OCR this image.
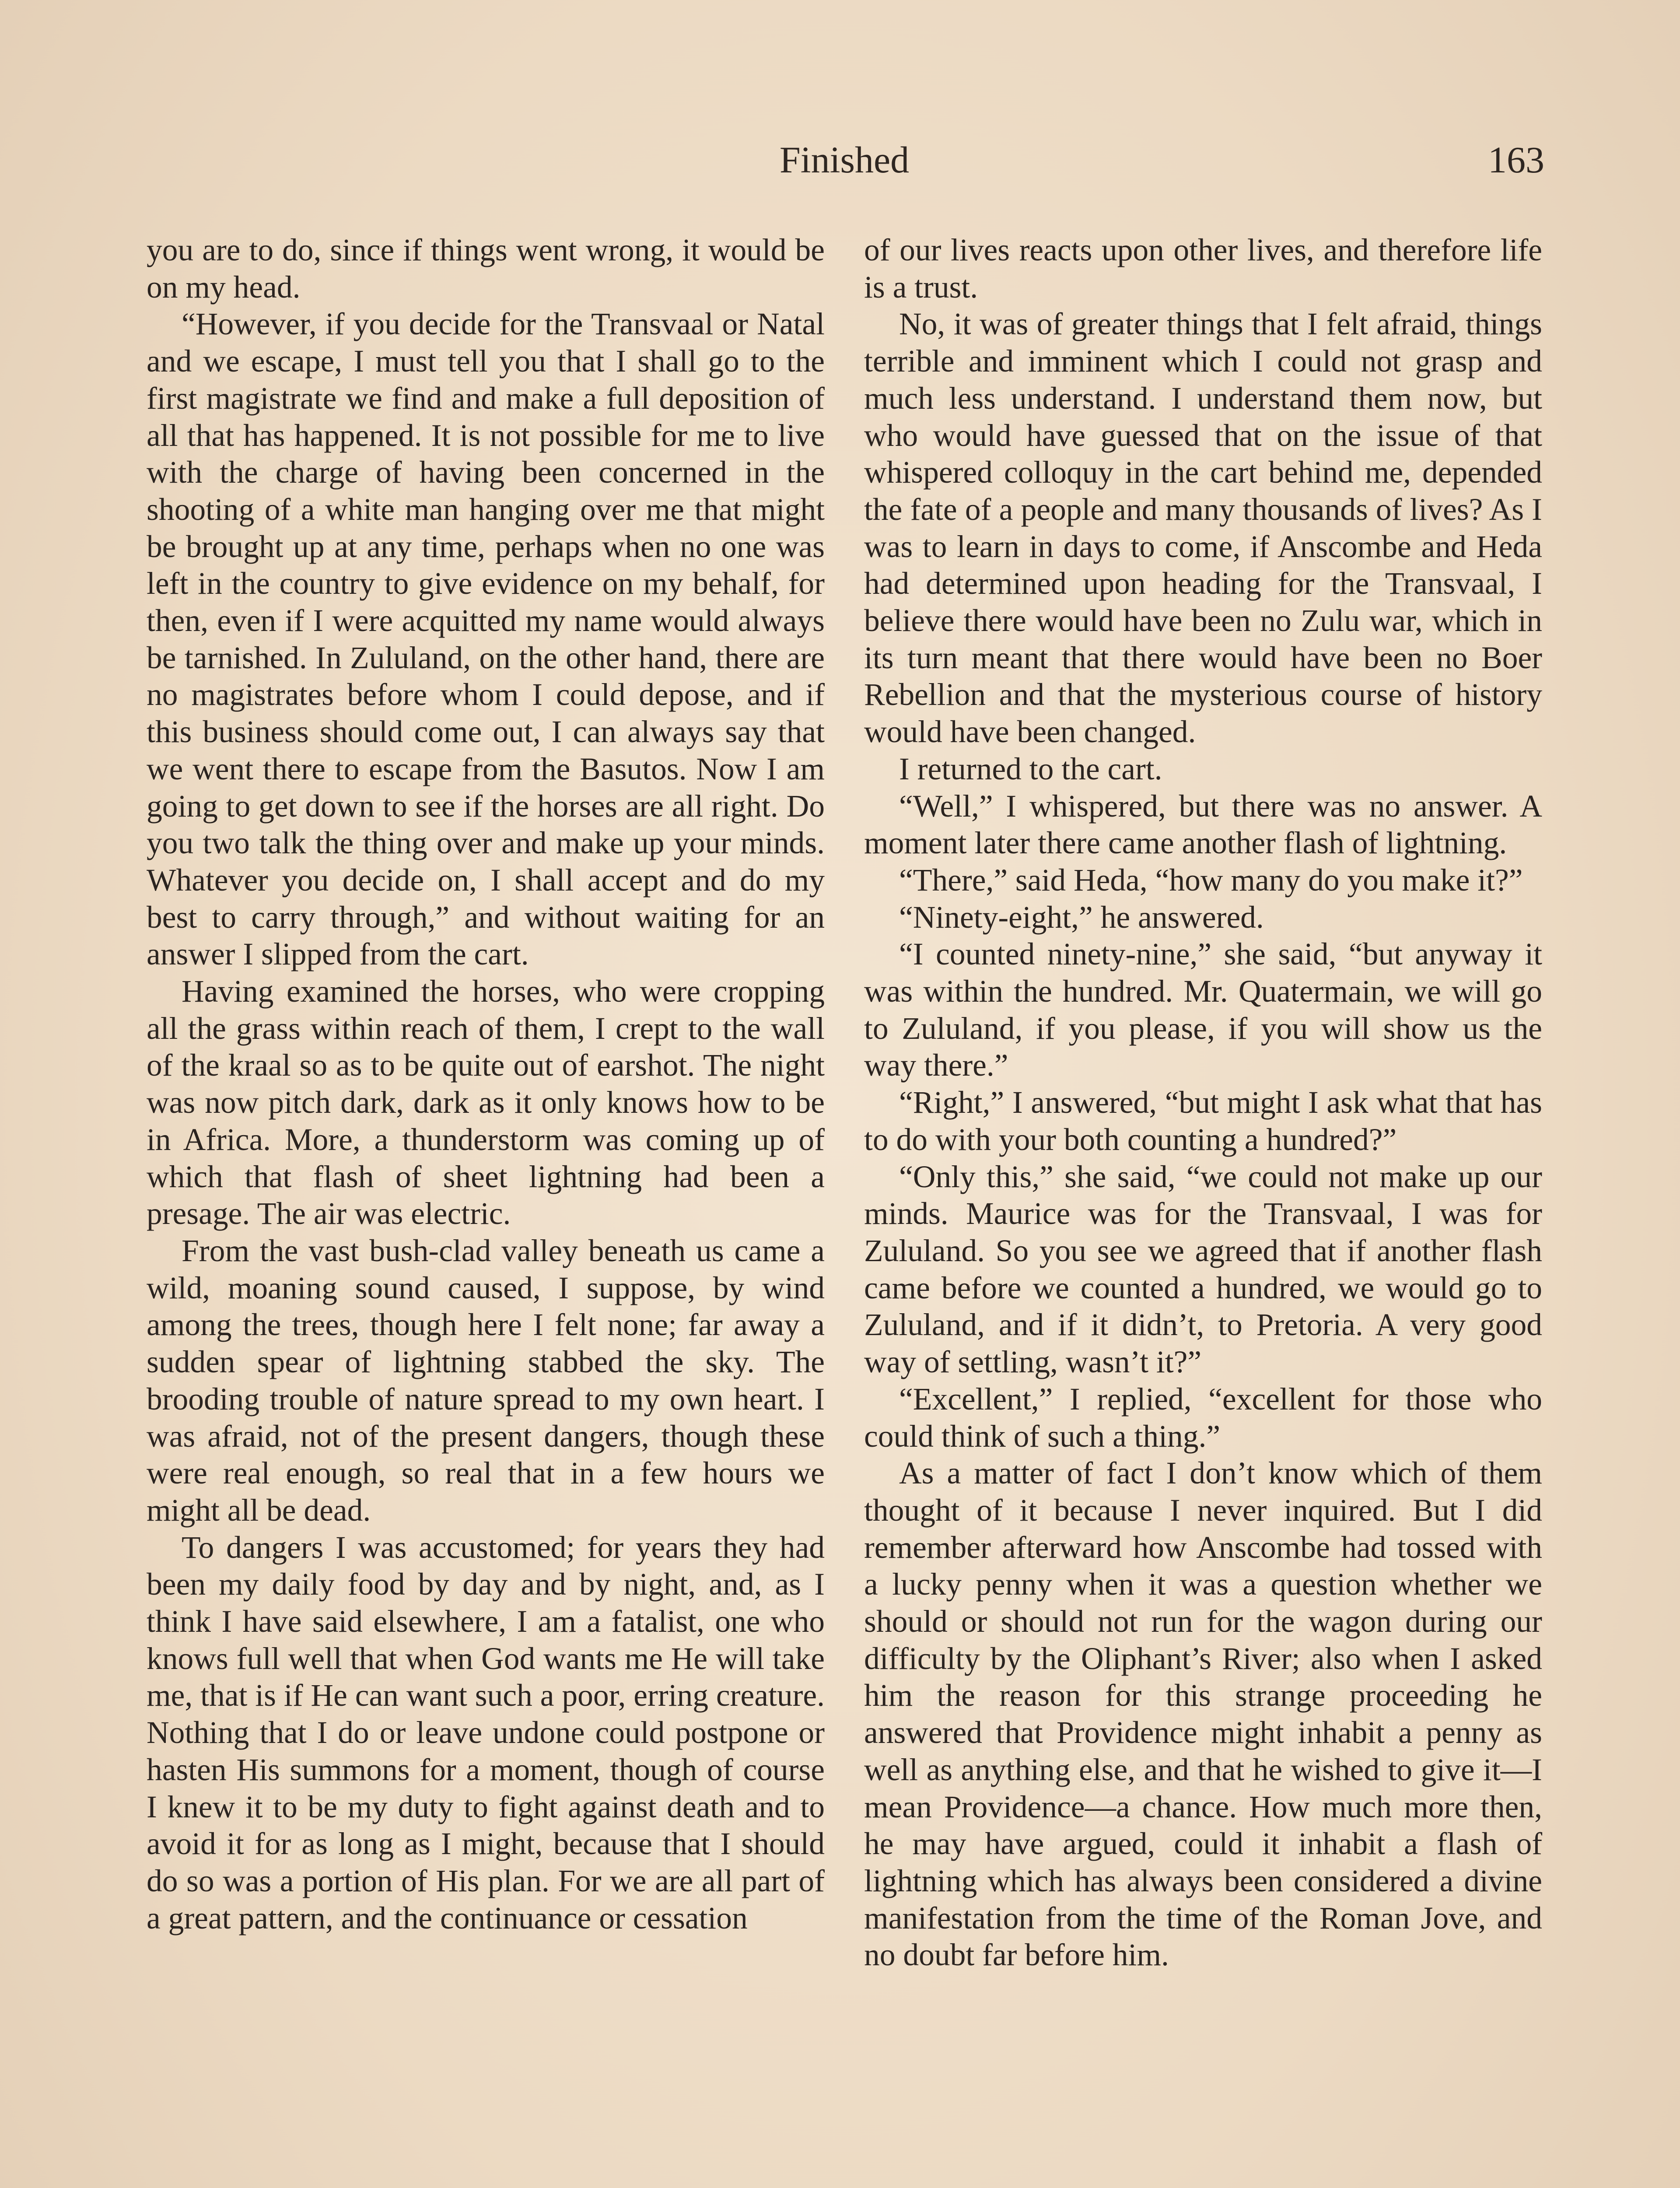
Finished	163

you are to do, since if things went wrong, it would be on my head.

“However, if you decide for the Transvaal or Natal and we escape, I must tell you that I shall go to the first magistrate we find and make a full deposition of all that has happened. It is not possible for me to live with the charge of having been concerned in the shooting of a white man hanging over me that might be brought up at any time, perhaps when no one was left in the country to give evidence on my behalf, for then, even if I were acquitted my name would always be tarnished. In Zululand, on the other hand, there are no magistrates before whom I could depose, and if this business should come out, I can always say that we went there to escape from the Basutos. Now I am going to get down to see if the horses are all right. Do you two talk the thing over and make up your minds. Whatever you decide on, I shall accept and do my best to carry through,” and without waiting for an answer I slipped from the cart.

Having examined the horses, who were cropping all the grass within reach of them, I crept to the wall of the kraal so as to be quite out of earshot. The night was now pitch dark, dark as it only knows how to be in Africa. More, a thunderstorm was coming up of which that flash of sheet lightning had been a presage. The air was electric.

From the vast bush-clad valley beneath us came a wild, moaning sound caused, I suppose, by wind among the trees, though here I felt none; far away a sudden spear of lightning stabbed the sky. The brooding trouble of nature spread to my own heart. I was afraid, not of the present dangers, though these were real enough, so real that in a few hours we might all be dead.

To dangers I was accustomed; for years they had been my daily food by day and by night, and, as I think I have said elsewhere, I am a fatalist, one who knows full well that when God wants me He will take me, that is if He can want such a poor, erring creature. Nothing that I do or leave undone could postpone or hasten His summons for a moment, though of course I knew it to be my duty to fight against death and to avoid it for as long as I might, because that I should do so was a portion of His plan. For we are all part of a great pattern, and the continuance or cessation

of our lives reacts upon other lives, and therefore life is a trust.

No, it was of greater things that I felt afraid, things terrible and imminent which I could not grasp and much less understand. I understand them now, but who would have guessed that on the issue of that whispered colloquy in the cart behind me, depended the fate of a people and many thousands of lives? As I was to learn in days to come, if Anscombe and Heda had determined upon heading for the Transvaal, I believe there would have been no Zulu war, which in its turn meant that there would have been no Boer Rebellion and that the mysterious course of history would have been changed.

I returned to the cart.

“Well,” I whispered, but there was no answer. A moment later there came another flash of lightning.

“There,” said Heda, “how many do you make it?”

“Ninety-eight,” he answered.

“I counted ninety-nine,” she said, “but anyway it was within the hundred. Mr. Quatermain, we will go to Zululand, if you please, if you will show us the way there.”

“Right,” I answered, “but might I ask what that has to do with your both counting a hundred?”

“Only this,” she said, “we could not make up our minds. Maurice was for the Transvaal, I was for Zululand. So you see we agreed that if another flash came before we counted a hundred, we would go to Zululand, and if it didn’t, to Pretoria. A very good way of settling, wasn’t it?”

“Excellent,” I replied, “excellent for those who could think of such a thing.”

As a matter of fact I don’t know which of them thought of it because I never inquired. But I did remember afterward how Anscombe had tossed with a lucky penny when it was a question whether we should or should not run for the wagon during our difficulty by the Oliphant’s River; also when I asked him the reason for this strange proceeding he answered that Providence might inhabit a penny as well as anything else, and that he wished to give it—I mean Providence—a chance. How much more then, he may have argued, could it inhabit a flash of lightning which has always been considered a divine manifestation from the time of the Roman Jove, and no doubt far before him.
